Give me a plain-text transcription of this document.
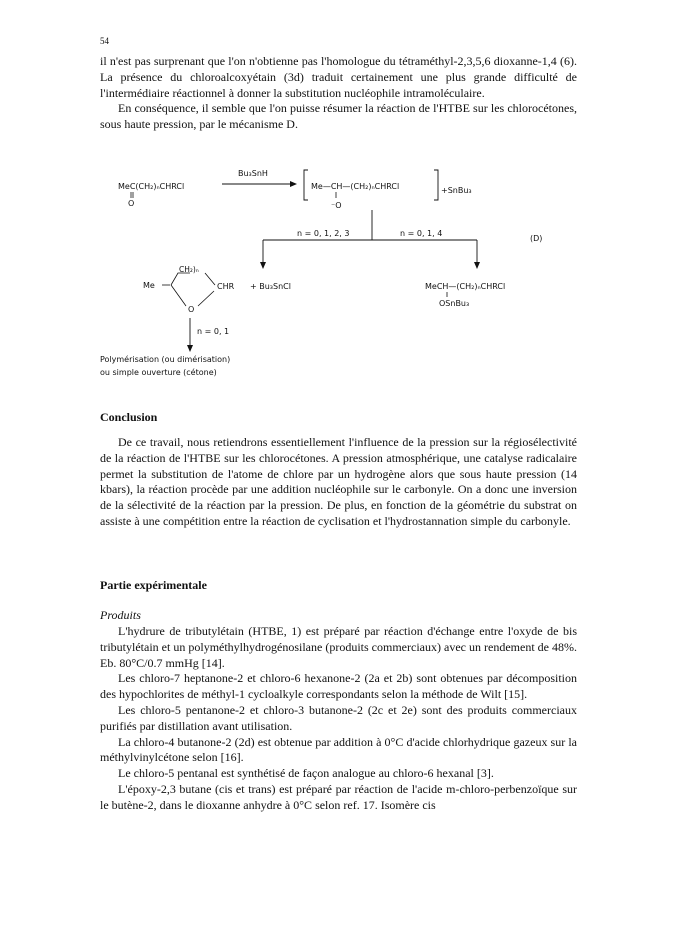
54

il n'est pas surprenant que l'on n'obtienne pas l'homologue du tétraméthyl-2,3,5,6 dioxanne-1,4 (6). La présence du chloroalcoxyétain (3d) traduit certainement une plus grande difficulté de l'intermédiaire réactionnel à donner la substitution nucléophile intramoléculaire.

En conséquence, il semble que l'on puisse résumer la réaction de l'HTBE sur les chlorocétones, sous haute pression, par le mécanisme D.

MeC(CH₂)ₙCHRCl
O
Bu₃SnH
Me—CH—(CH₂)ₙCHRCl
⁻O
+SnBu₃
n = 0, 1, 2, 3	n = 0, 1, 4
(D)
Me
CH₂)ₙ
CHR
O
+ Bu₃SnCl	MeCH—(CH₂)ₙCHRCl
OSnBu₃
n = 0, 1
Polymérisation (ou dimérisation)
ou simple ouverture (cétone)
Conclusion

De ce travail, nous retiendrons essentiellement l'influence de la pression sur la régiosélectivité de la réaction de l'HTBE sur les chlorocétones. A pression atmosphérique, une catalyse radicalaire permet la substitution de l'atome de chlore par un hydrogène alors que sous haute pression (14 kbars), la réaction procède par une addition nucléophile sur le carbonyle. On a donc une inversion de la sélectivité de la réaction par la pression. De plus, en fonction de la géométrie du substrat on assiste à une compétition entre la réaction de cyclisation et l'hydrostannation simple du carbonyle.

Partie expérimentale
Produits

L'hydrure de tributylétain (HTBE, 1) est préparé par réaction d'échange entre l'oxyde de bis tributylétain et un polyméthylhydrogénosilane (produits commerciaux) avec un rendement de 48%. Eb. 80°C/0.7 mmHg [14].

Les chloro-7 heptanone-2 et chloro-6 hexanone-2 (2a et 2b) sont obtenues par décomposition des hypochlorites de méthyl-1 cycloalkyle correspondants selon la méthode de Wilt [15].

Les chloro-5 pentanone-2 et chloro-3 butanone-2 (2c et 2e) sont des produits commerciaux purifiés par distillation avant utilisation.

La chloro-4 butanone-2 (2d) est obtenue par addition à 0°C d'acide chlorhydrique gazeux sur la méthylvinylcétone selon [16].

Le chloro-5 pentanal est synthétisé de façon analogue au chloro-6 hexanal [3].

L'époxy-2,3 butane (cis et trans) est préparé par réaction de l'acide m-chloro-perbenzoïque sur le butène-2, dans le dioxanne anhydre à 0°C selon ref. 17. Isomère cis
